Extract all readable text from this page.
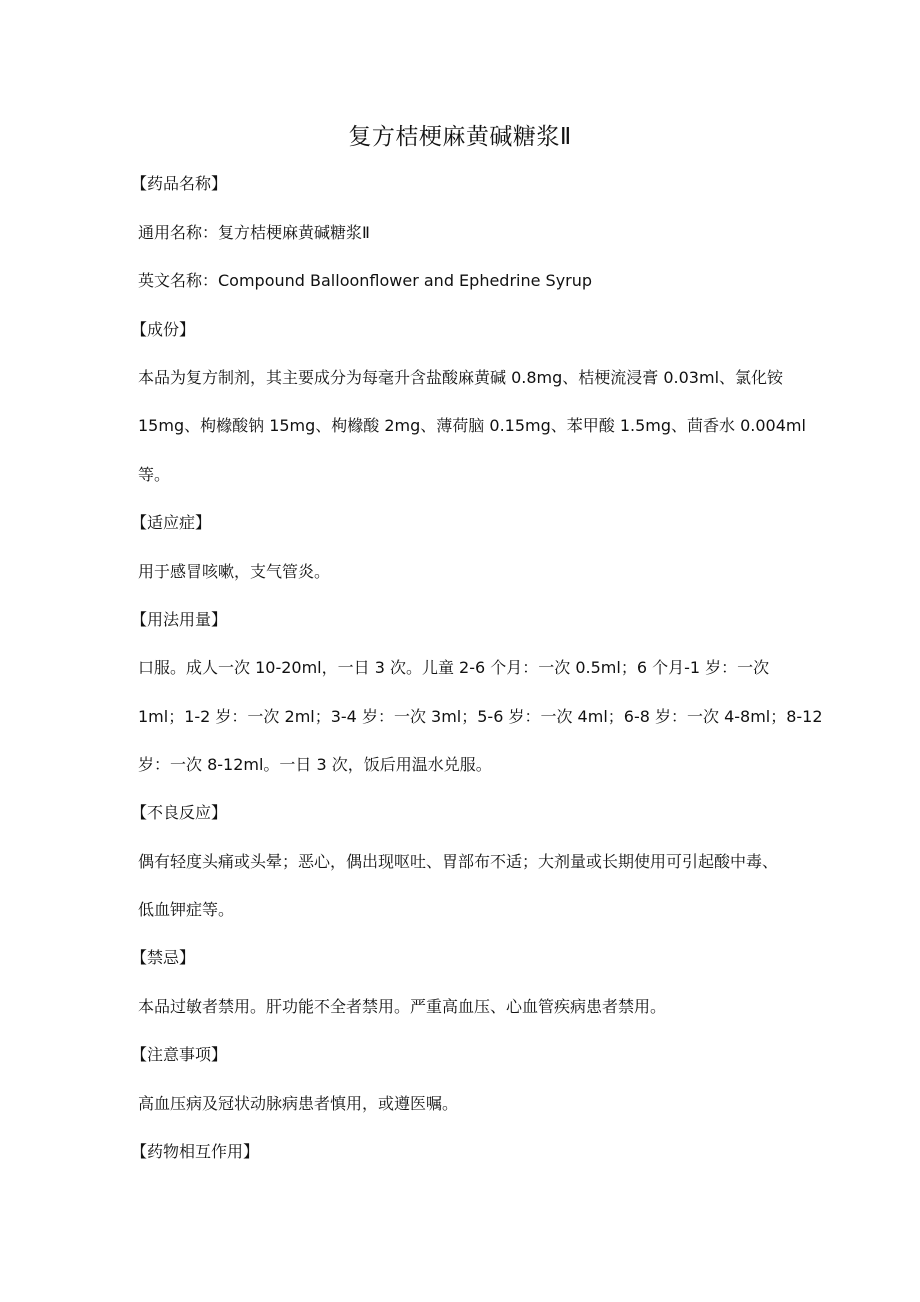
复方桔梗麻黄碱糖浆Ⅱ
【药品名称】
通用名称：复方桔梗麻黄碱糖浆Ⅱ
英文名称：Compound Balloonflower and Ephedrine Syrup
【成份】
本品为复方制剂，其主要成分为每毫升含盐酸麻黄碱 0.8mg、桔梗流浸膏 0.03ml、氯化铵
15mg、枸橼酸钠 15mg、枸橼酸 2mg、薄荷脑 0.15mg、苯甲酸 1.5mg、茴香水 0.004ml
等。
【适应症】
用于感冒咳嗽，支气管炎。
【用法用量】
口服。成人一次 10-20ml，一日 3 次。儿童 2-6 个月：一次 0.5ml；6 个月-1 岁：一次
1ml；1-2 岁：一次 2ml；3-4 岁：一次 3ml；5-6 岁：一次 4ml；6-8 岁：一次 4-8ml；8-12
岁：一次 8-12ml。一日 3 次，饭后用温水兑服。
【不良反应】
偶有轻度头痛或头晕；恶心，偶出现呕吐、胃部布不适；大剂量或长期使用可引起酸中毒、
低血钾症等。
【禁忌】
本品过敏者禁用。肝功能不全者禁用。严重高血压、心血管疾病患者禁用。
【注意事项】
高血压病及冠状动脉病患者慎用，或遵医嘱。
【药物相互作用】
